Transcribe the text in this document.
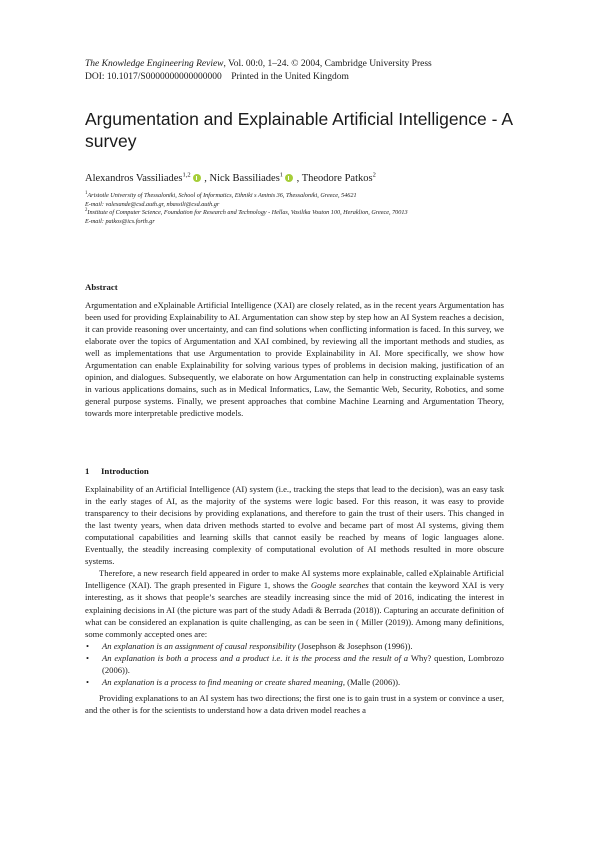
The Knowledge Engineering Review, Vol. 00:0, 1–24. © 2004, Cambridge University Press
DOI: 10.1017/S0000000000000000 Printed in the United Kingdom
Argumentation and Explainable Artificial Intelligence - A survey
Alexandros Vassiliades$^{1,2}$ , Nick Bassiliades$^1$ , Theodore Patkos$^2$
$^1$Aristotle University of Thessaloniki, School of Informatics, Ethniki s Aminis 36, Thessaloniki, Greece, 54621
E-mail: valexande@csd.auth.gr, nbassili@csd.auth.gr
$^2$Institute of Computer Science, Foundation for Research and Technology - Hellas, Vasilika Vouton 100, Heraklion, Greece, 70013
E-mail: patkos@ics.forth.gr
Abstract

Argumentation and eXplainable Artificial Intelligence (XAI) are closely related, as in the recent years Argumentation has been used for providing Explainability to AI. Argumentation can show step by step how an AI System reaches a decision, it can provide reasoning over uncertainty, and can find solutions when conflicting information is faced. In this survey, we elaborate over the topics of Argumentation and XAI combined, by reviewing all the important methods and studies, as well as implementations that use Argumentation to provide Explainability in AI. More specifically, we show how Argumentation can enable Explainability for solving various types of problems in decision making, justification of an opinion, and dialogues. Subsequently, we elaborate on how Argumentation can help in constructing explainable systems in various applications domains, such as in Medical Informatics, Law, the Semantic Web, Security, Robotics, and some general purpose systems. Finally, we present approaches that combine Machine Learning and Argumentation Theory, towards more interpretable predictive models.

1 Introduction

Explainability of an Artificial Intelligence (AI) system (i.e., tracking the steps that lead to the decision), was an easy task in the early stages of AI, as the majority of the systems were logic based. For this reason, it was easy to provide transparency to their decisions by providing explanations, and therefore to gain the trust of their users. This changed in the last twenty years, when data driven methods started to evolve and became part of most AI systems, giving them computational capabilities and learning skills that cannot easily be reached by means of logic languages alone. Eventually, the steadily increasing complexity of computational evolution of AI methods resulted in more obscure systems.

Therefore, a new research field appeared in order to make AI systems more explainable, called eXplainable Artificial Intelligence (XAI). The graph presented in Figure 1, shows the Google searches that contain the keyword XAI is very interesting, as it shows that people’s searches are steadily increasing since the mid of 2016, indicating the interest in explaining decisions in AI (the picture was part of the study Adadi & Berrada (2018)). Capturing an accurate definition of what can be considered an explanation is quite challenging, as can be seen in ( Miller (2019)). Among many definitions, some commonly accepted ones are:

• An explanation is an assignment of causal responsibility (Josephson & Josephson (1996)).
• An explanation is both a process and a product i.e. it is the process and the result of a Why? question, Lombrozo (2006)).
• An explanation is a process to find meaning or create shared meaning, (Malle (2006)).

Providing explanations to an AI system has two directions; the first one is to gain trust in a system or convince a user, and the other is for the scientists to understand how a data driven model reaches a
